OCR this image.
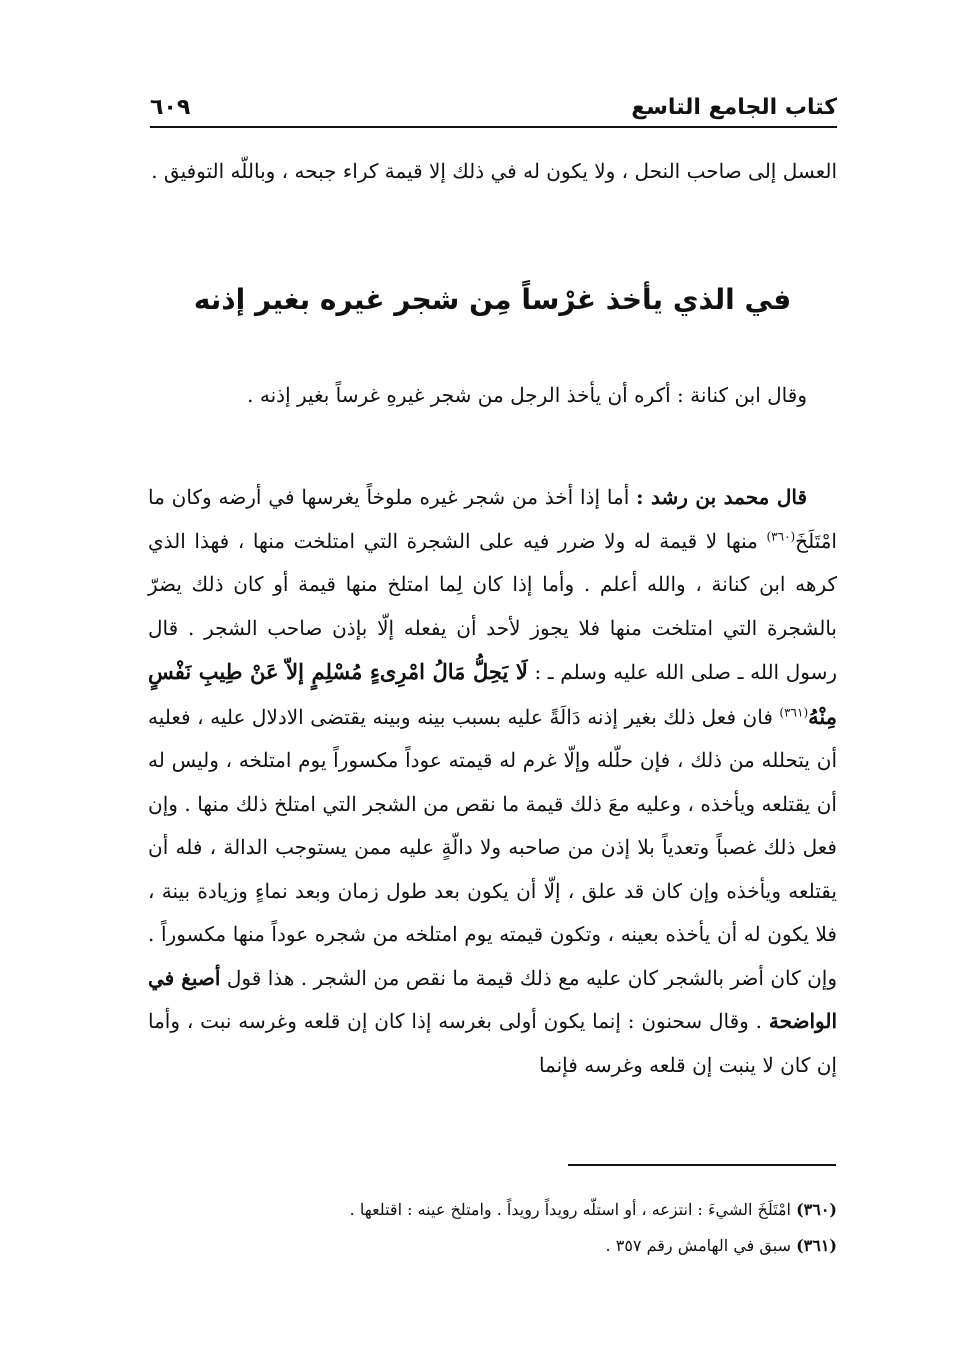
٦٠٩	كتاب الجامع التاسع
العسل إلى صاحب النحل ، ولا يكون له في ذلك إلا قيمة كراء جبحه ، وباللّه التوفيق .
في الذي يأخذ غرْساً مِن شجر غيره بغير إذنه
وقال ابن كنانة : أكره أن يأخذ الرجل من شجر غيرهِ غرساً بغير إذنه .
قال محمد بن رشد : أما إذا أخذ من شجر غيره ملوخاً يغرسها في أرضه وكان ما امْتَلَخَ$^{(٣٦٠)}$ منها لا قيمة له ولا ضرر فيه على الشجرة التي امتلخت منها ، فهذا الذي كرهه ابن كنانة ، والله أعلم . وأما إذا كان لِما امتلخ منها قيمة أو كان ذلك يضرّ بالشجرة التي امتلخت منها فلا يجوز لأحد أن يفعله إلّا بإذن صاحب الشجر . قال رسول الله ـ صلى الله عليه وسلم ـ : لَا يَحِلُّ مَالُ امْرِىءٍ مُسْلِمٍ إلاّ عَنْ طِيبِ نَفْسٍ مِنْهُ$^{(٣٦١)}$ فان فعل ذلك بغير إذنه دَالَةً عليه بسبب بينه وبينه يقتضى الادلال عليه ، فعليه أن يتحلله من ذلك ، فإن حلّله وإلّا غرم له قيمته عوداً مكسوراً يوم امتلخه ، وليس له أن يقتلعه ويأخذه ، وعليه معَ ذلك قيمة ما نقص من الشجر التي امتلخ ذلك منها . وإن فعل ذلك غصباً وتعدياً بلا إذن من صاحبه ولا دالّةٍ عليه ممن يستوجب الدالة ، فله أن يقتلعه ويأخذه وإن كان قد علق ، إلّا أن يكون بعد طول زمان وبعد نماءٍ وزيادة بينة ، فلا يكون له أن يأخذه بعينه ، وتكون قيمته يوم امتلخه من شجره عوداً منها مكسوراً . وإن كان أضر بالشجر كان عليه مع ذلك قيمة ما نقص من الشجر . هذا قول أصبغ في الواضحة . وقال سحنون : إنما يكون أولى بغرسه إذا كان إن قلعه وغرسه نبت ، وأما إن كان لا ينبت إن قلعه وغرسه فإنما
(٣٦٠) امْتَلَخَ الشيءَ : انتزعه ، أو استلّه رويداً رويداً . وامتلخ عينه : اقتلعها .
(٣٦١) سبق في الهامش رقم ٣٥٧ .
